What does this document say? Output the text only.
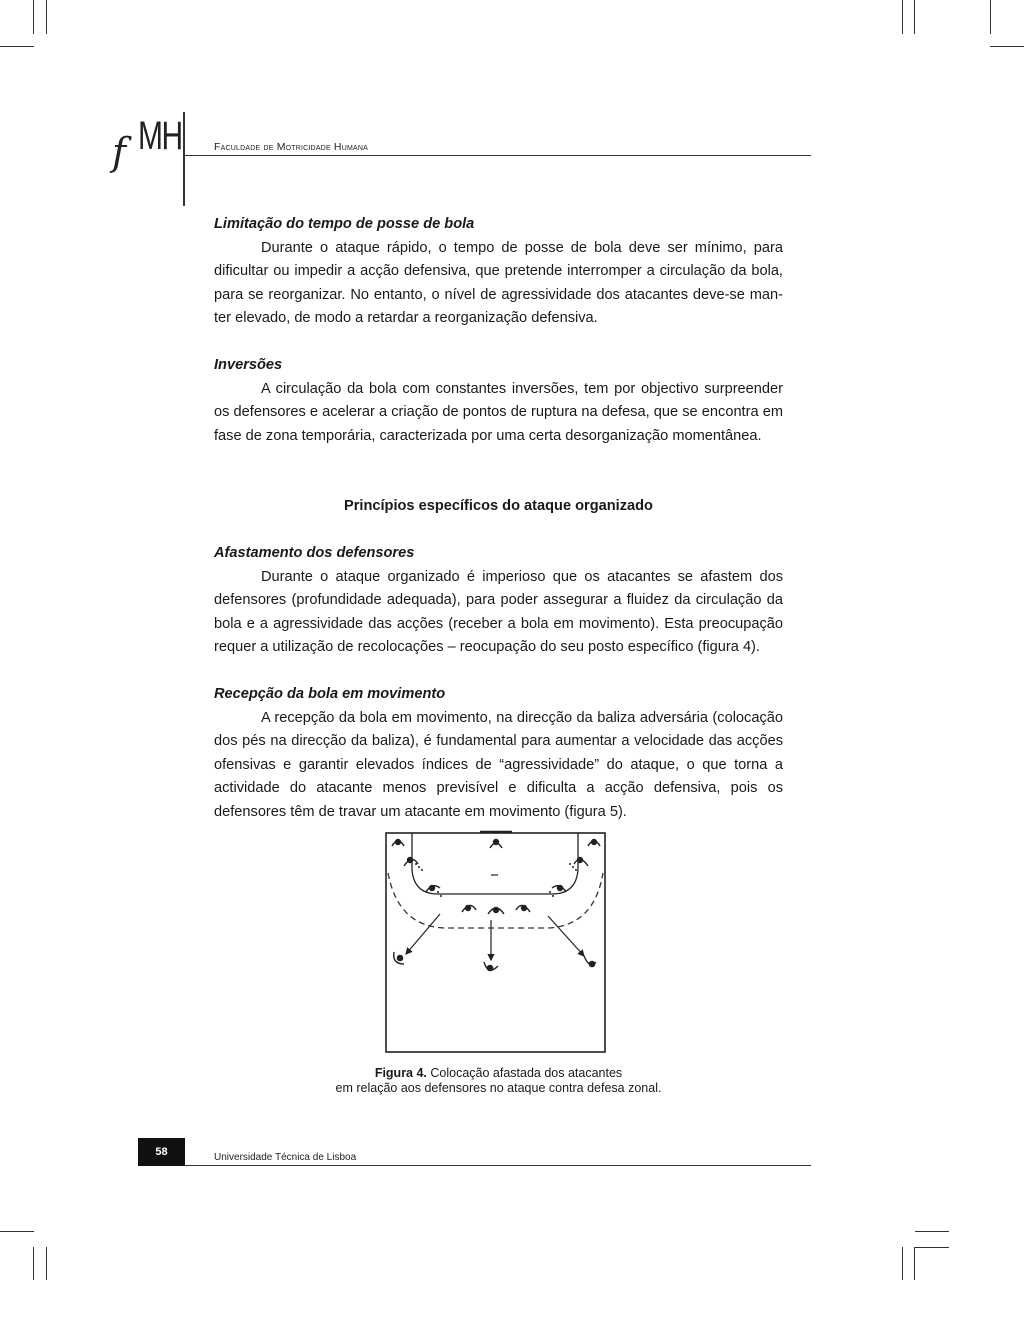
f MH	Faculdade de Motricidade Humana

Limitação do tempo de posse de bola

Durante o ataque rápido, o tempo de posse de bola deve ser mínimo, para dificultar ou impedir a acção defensiva, que pretende interromper a circulação da bola, para se reorganizar. No entanto, o nível de agressividade dos atacantes deve-se manter elevado, de modo a retardar a reorganização defensiva.

Inversões

A circulação da bola com constantes inversões, tem por objectivo surpreender os defensores e acelerar a criação de pontos de ruptura na defesa, que se encontra em fase de zona temporária, caracterizada por uma certa desorganização momentânea.

Princípios específicos do ataque organizado

Afastamento dos defensores

Durante o ataque organizado é imperioso que os atacantes se afastem dos defensores (profundidade adequada), para poder assegurar a fluidez da circulação da bola e a agressividade das acções (receber a bola em movimento). Esta preocupação requer a utilização de recolocações – reocupação do seu posto específico (figura 4).

Recepção da bola em movimento

A recepção da bola em movimento, na direcção da baliza adversária (colocação dos pés na direcção da baliza), é fundamental para aumentar a velocidade das acções ofensivas e garantir elevados índices de “agressividade” do ataque, o que torna a actividade do atacante menos previsível e dificulta a acção defensiva, pois os defensores têm de travar um atacante em movimento (figura 5).

Figura 4. Colocação afastada dos atacantes
em relação aos defensores no ataque contra defesa zonal.
58	Universidade Técnica de Lisboa
